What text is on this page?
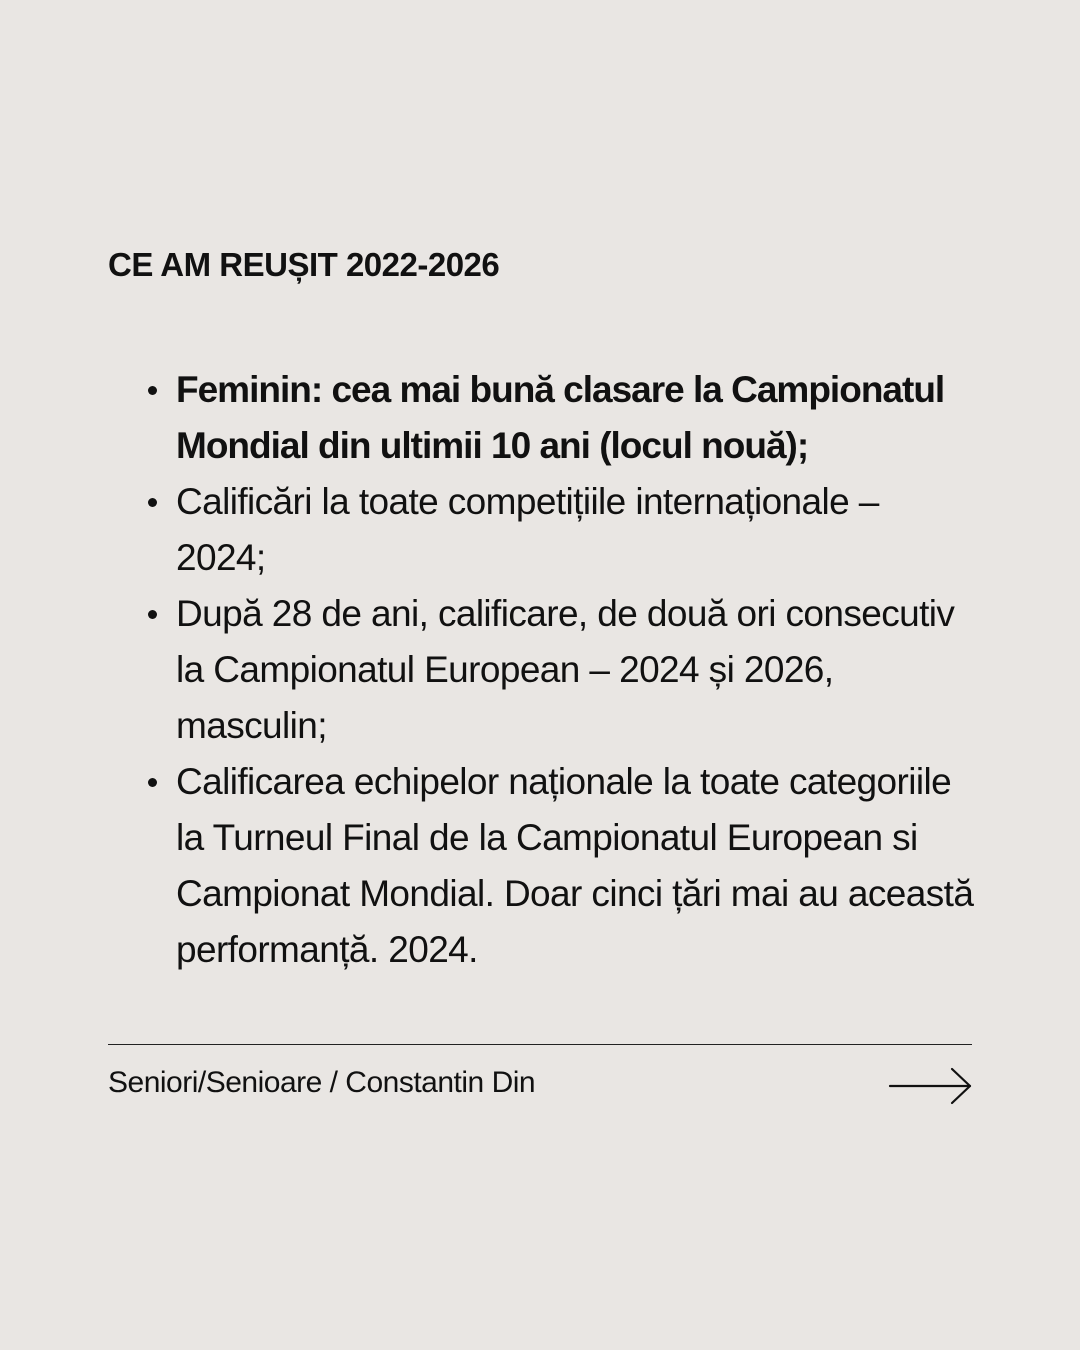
CE AM REUȘIT 2022-2026
Feminin: cea mai bună clasare la Campionatul Mondial din ultimii 10 ani (locul nouă);
Calificări la toate competițiile internaționale – 2024;
După 28 de ani, calificare, de două ori consecutiv la Campionatul European – 2024 și 2026, masculin;
Calificarea echipelor naționale la toate categoriile la Turneul Final de la Campionatul European si Campionat Mondial. Doar cinci țări mai au această performanță. 2024.
Seniori/Senioare / Constantin Din
